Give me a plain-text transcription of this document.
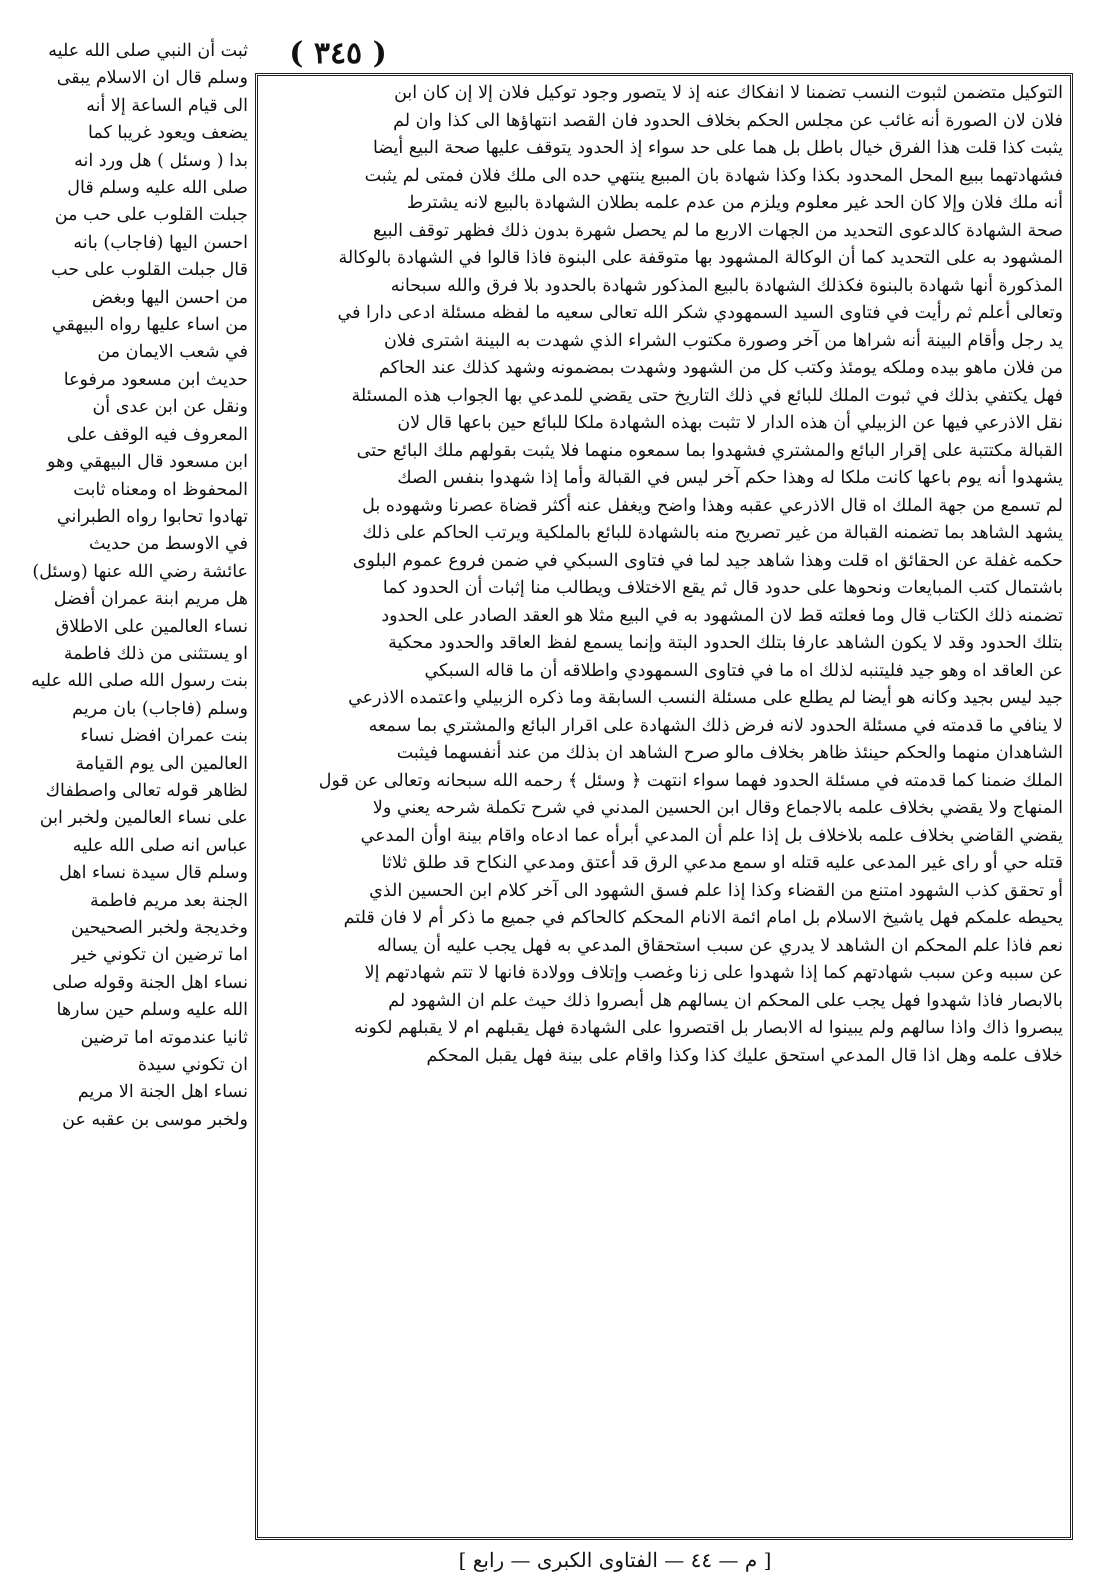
( ٣٤٥ )
التوكيل متضمن لثبوت النسب تضمنا لا انفكاك عنه إذ لا يتصور وجود توكيل فلان إلا إن كان ابن
فلان لان الصورة أنه غائب عن مجلس الحكم بخلاف الحدود فان القصد انتهاؤها الى كذا وان لم
يثبت كذا قلت هذا الفرق خيال باطل بل هما على حد سواء إذ الحدود يتوقف عليها صحة البيع أيضا
فشهادتهما ببيع المحل المحدود بكذا وكذا شهادة بان المبيع ينتهي حده الى ملك فلان فمتى لم يثبت
أنه ملك فلان وإلا كان الحد غير معلوم ويلزم من عدم علمه بطلان الشهادة بالبيع لانه يشترط
صحة الشهادة كالدعوى التحديد من الجهات الاربع ما لم يحصل شهرة بدون ذلك فظهر توقف البيع
المشهود به على التحديد كما أن الوكالة المشهود بها متوقفة على البنوة فاذا قالوا في الشهادة بالوكالة
المذكورة أنها شهادة بالبنوة فكذلك الشهادة بالبيع المذكور شهادة بالحدود بلا فرق والله سبحانه
وتعالى أعلم ثم رأيت في فتاوى السيد السمهودي شكر الله تعالى سعيه ما لفظه مسئلة ادعى دارا في
يد رجل وأقام البينة أنه شراها من آخر وصورة مكتوب الشراء الذي شهدت به البينة اشترى فلان
من فلان ماهو بيده وملكه يومئذ وكتب كل من الشهود وشهدت بمضمونه وشهد كذلك عند الحاكم
فهل يكتفي بذلك في ثبوت الملك للبائع في ذلك التاريخ حتى يقضي للمدعي بها الجواب هذه المسئلة
نقل الاذرعي فيها عن الزبيلي أن هذه الدار لا تثبت بهذه الشهادة ملكا للبائع حين باعها قال لان
القبالة مكتتبة على إقرار البائع والمشتري فشهدوا بما سمعوه منهما فلا يثبت بقولهم ملك البائع حتى
يشهدوا أنه يوم باعها كانت ملكا له وهذا حكم آخر ليس في القبالة وأما إذا شهدوا بنفس الصك
لم تسمع من جهة الملك اه قال الاذرعي عقبه وهذا واضح ويغفل عنه أكثر قضاة عصرنا وشهوده بل
يشهد الشاهد بما تضمنه القبالة من غير تصريح منه بالشهادة للبائع بالملكية ويرتب الحاكم على ذلك
حكمه غفلة عن الحقائق اه قلت وهذا شاهد جيد لما في فتاوى السبكي في ضمن فروع عموم البلوى
باشتمال كتب المبايعات ونحوها على حدود قال ثم يقع الاختلاف ويطالب منا إثبات أن الحدود كما
تضمنه ذلك الكتاب قال وما فعلته قط لان المشهود به في البيع مثلا هو العقد الصادر على الحدود
بتلك الحدود وقد لا يكون الشاهد عارفا بتلك الحدود البتة وإنما يسمع لفظ العاقد والحدود محكية
عن العاقد اه وهو جيد فليتنبه لذلك اه ما في فتاوى السمهودي واطلاقه أن ما قاله السبكي
جيد ليس بجيد وكانه هو أيضا لم يطلع على مسئلة النسب السابقة وما ذكره الزبيلي واعتمده الاذرعي
لا ينافي ما قدمته في مسئلة الحدود لانه فرض ذلك الشهادة على اقرار البائع والمشتري بما سمعه
الشاهدان منهما والحكم حينئذ ظاهر بخلاف مالو صرح الشاهد ان بذلك من عند أنفسهما فيثبت
الملك ضمنا كما قدمته في مسئلة الحدود فهما سواء انتهت ﴿ وسئل ﴾ رحمه الله سبحانه وتعالى عن قول
المنهاج ولا يقضي بخلاف علمه بالاجماع وقال ابن الحسين المدني في شرح تكملة شرحه يعني ولا
يقضي القاضي بخلاف علمه بلاخلاف بل إذا علم أن المدعي أبرأه عما ادعاه واقام بينة اوأن المدعي
قتله حي أو راى غير المدعى عليه قتله او سمع مدعي الرق قد أعتق ومدعي النكاح قد طلق ثلاثا
أو تحقق كذب الشهود امتنع من القضاء وكذا إذا علم فسق الشهود الى آخر كلام ابن الحسين الذي
يحيطه علمكم فهل ياشيخ الاسلام بل امام ائمة الانام المحكم كالحاكم في جميع ما ذكر أم لا فان قلتم
نعم فاذا علم المحكم ان الشاهد لا يدري عن سبب استحقاق المدعي به فهل يجب عليه أن يساله
عن سببه وعن سبب شهادتهم كما إذا شهدوا على زنا وغصب وإتلاف وولادة فانها لا تتم شهادتهم إلا
بالابصار فاذا شهدوا فهل يجب على المحكم ان يسالهم هل أبصروا ذلك حيث علم ان الشهود لم
يبصروا ذاك واذا سالهم ولم يبينوا له الابصار بل اقتصروا على الشهادة فهل يقبلهم ام لا يقبلهم لكونه
خلاف علمه وهل اذا قال المدعي استحق عليك كذا وكذا واقام على بينة فهل يقبل المحكم
ثبت أن النبي صلى الله عليه
وسلم قال ان الاسلام يبقى
الى قيام الساعة إلا أنه
يضعف ويعود غريبا كما
بدا ( وسئل ) هل ورد انه
صلى الله عليه وسلم قال
جبلت القلوب على حب من
احسن اليها (فاجاب) بانه
قال جبلت القلوب على حب
من احسن اليها وبغض
من اساء عليها رواه البيهقي
في شعب الايمان من
حديث ابن مسعود مرفوعا
ونقل عن ابن عدى أن
المعروف فيه الوقف على
ابن مسعود قال البيهقي وهو
المحفوظ اه ومعناه ثابت
تهادوا تحابوا رواه الطبراني
في الاوسط من حديث
عائشة رضي الله عنها (وسئل)
هل مريم ابنة عمران أفضل
نساء العالمين على الاطلاق
او يستثنى من ذلك فاطمة
بنت رسول الله صلى الله عليه
وسلم (فاجاب) بان مريم
بنت عمران افضل نساء
العالمين الى يوم القيامة
لظاهر قوله تعالى واصطفاك
على نساء العالمين ولخبر ابن
عباس انه صلى الله عليه
وسلم قال سيدة نساء اهل
الجنة بعد مريم فاطمة
وخديجة ولخبر الصحيحين
اما ترضين ان تكوني خير
نساء اهل الجنة وقوله صلى
الله عليه وسلم حين سارها
ثانيا عندموته اما ترضين
ان تكوني سيدة
نساء اهل الجنة الا مريم
ولخبر موسى بن عقبه عن
[ م — ٤٤ — الفتاوى الكبرى — رابع ]
